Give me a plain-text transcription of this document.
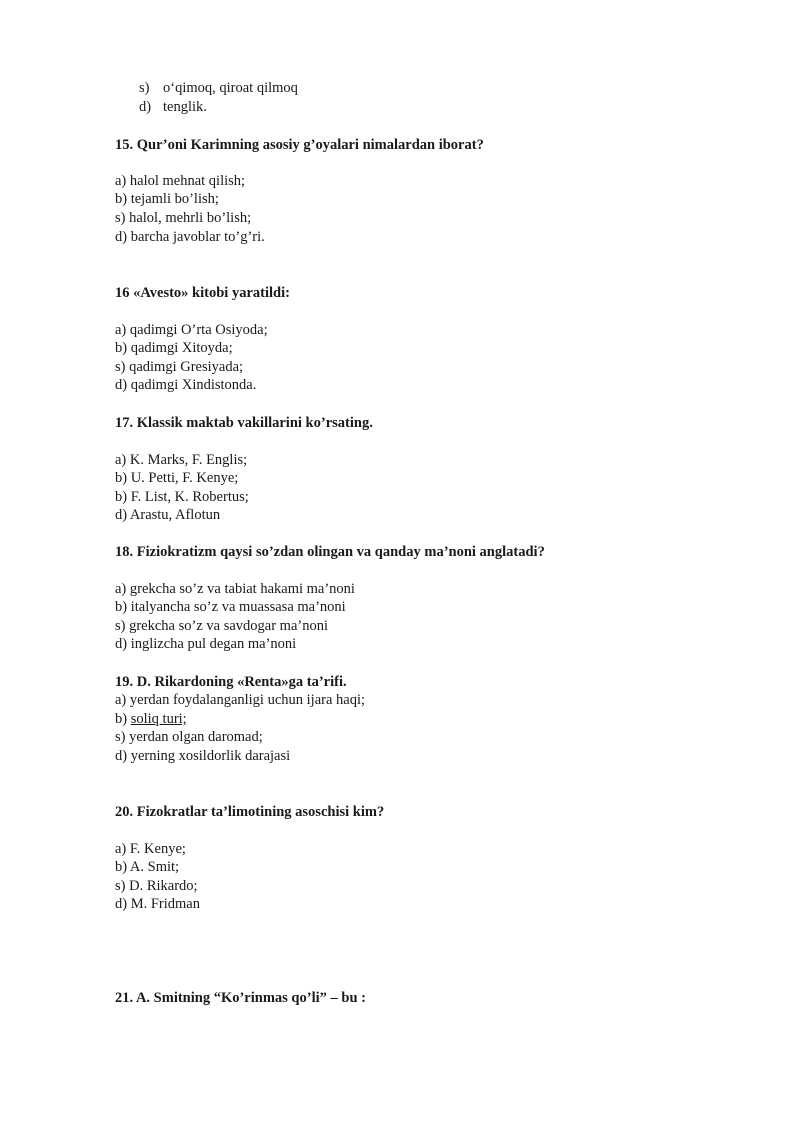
s) o‘qimoq, qiroat qilmoq
d) tenglik.
15. Qur’oni Karimning asosiy g’oyalari nimalardan iborat?
a) halol mehnat qilish;
b) tejamli bo’lish;
s) halol, mehrli bo’lish;
d) barcha javoblar to’g’ri.
16 «Avesto» kitobi yaratildi:
a) qadimgi O’rta Osiyoda;
b) qadimgi Xitoyda;
s) qadimgi Gresiyada;
d) qadimgi Xindistonda.
17. Klassik maktab vakillarini ko’rsating.
a) K. Marks, F. Englis;
b) U. Petti, F. Kenye;
b) F. List, K. Robertus;
d) Arastu, Aflotun
18. Fiziokratizm qaysi so’zdan olingan va qanday ma’noni anglatadi?
a) grekcha so’z va tabiat hakami ma’noni
b) italyancha so’z va muassasa ma’noni
s) grekcha so’z va savdogar ma’noni
d) inglizcha pul degan ma’noni
19. D. Rikardoning «Renta»ga ta’rifi.
a) yerdan foydalanganligi uchun ijara haqi;
b) soliq turi;
s) yerdan olgan daromad;
d) yerning xosildorlik darajasi
20. Fizokratlar ta’limotining asoschisi kim?
a) F. Kenye;
b) A. Smit;
s) D. Rikardo;
d) M. Fridman
21. A. Smitning “Ko’rinmas qo’li” – bu :
